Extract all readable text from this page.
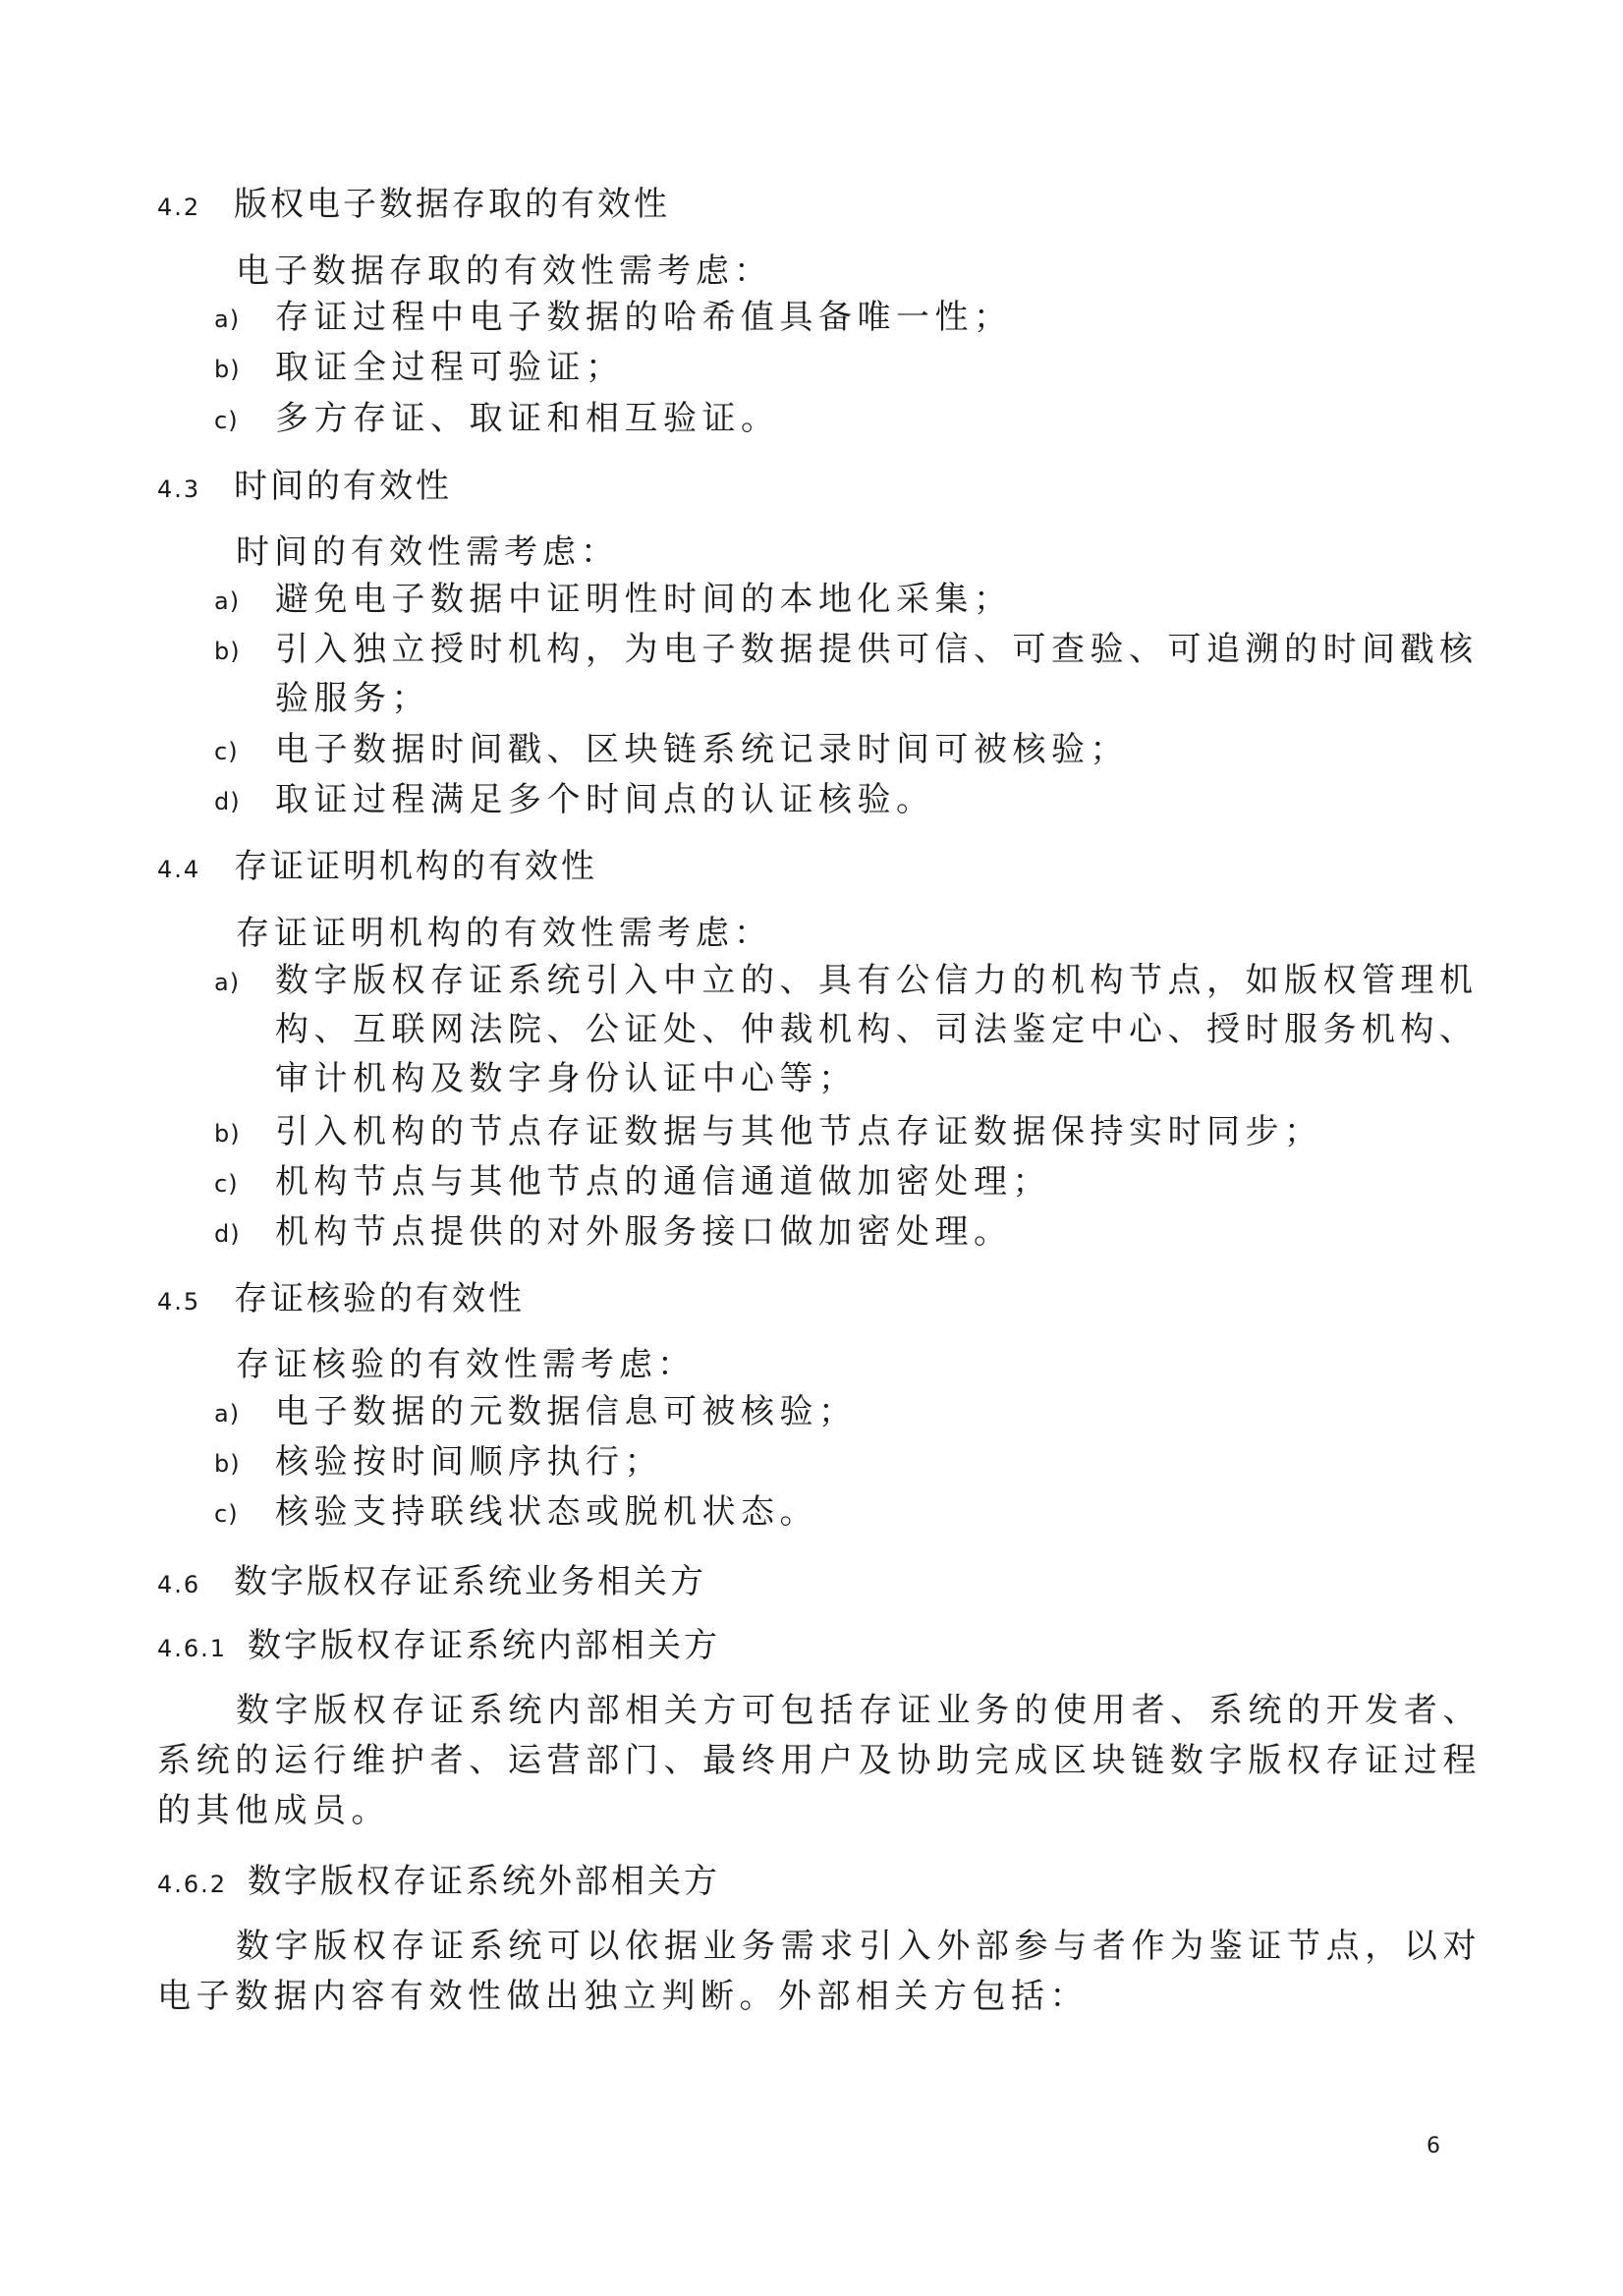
4.2 版权电子数据存取的有效性
电子数据存取的有效性需考虑：
a) 存证过程中电子数据的哈希值具备唯一性；
b) 取证全过程可验证；
c) 多方存证、取证和相互验证。
4.3 时间的有效性
时间的有效性需考虑：
a) 避免电子数据中证明性时间的本地化采集；
b) 引入独立授时机构，为电子数据提供可信、可查验、可追溯的时间戳核验服务；
c) 电子数据时间戳、区块链系统记录时间可被核验；
d) 取证过程满足多个时间点的认证核验。
4.4 存证证明机构的有效性
存证证明机构的有效性需考虑：
a) 数字版权存证系统引入中立的、具有公信力的机构节点，如版权管理机构、互联网法院、公证处、仲裁机构、司法鉴定中心、授时服务机构、审计机构及数字身份认证中心等；
b) 引入机构的节点存证数据与其他节点存证数据保持实时同步；
c) 机构节点与其他节点的通信通道做加密处理；
d) 机构节点提供的对外服务接口做加密处理。
4.5 存证核验的有效性
存证核验的有效性需考虑：
a) 电子数据的元数据信息可被核验；
b) 核验按时间顺序执行；
c) 核验支持联线状态或脱机状态。
4.6 数字版权存证系统业务相关方
4.6.1 数字版权存证系统内部相关方
数字版权存证系统内部相关方可包括存证业务的使用者、系统的开发者、系统的运行维护者、运营部门、最终用户及协助完成区块链数字版权存证过程的其他成员。
4.6.2 数字版权存证系统外部相关方
数字版权存证系统可以依据业务需求引入外部参与者作为鉴证节点，以对电子数据内容有效性做出独立判断。外部相关方包括：
6
